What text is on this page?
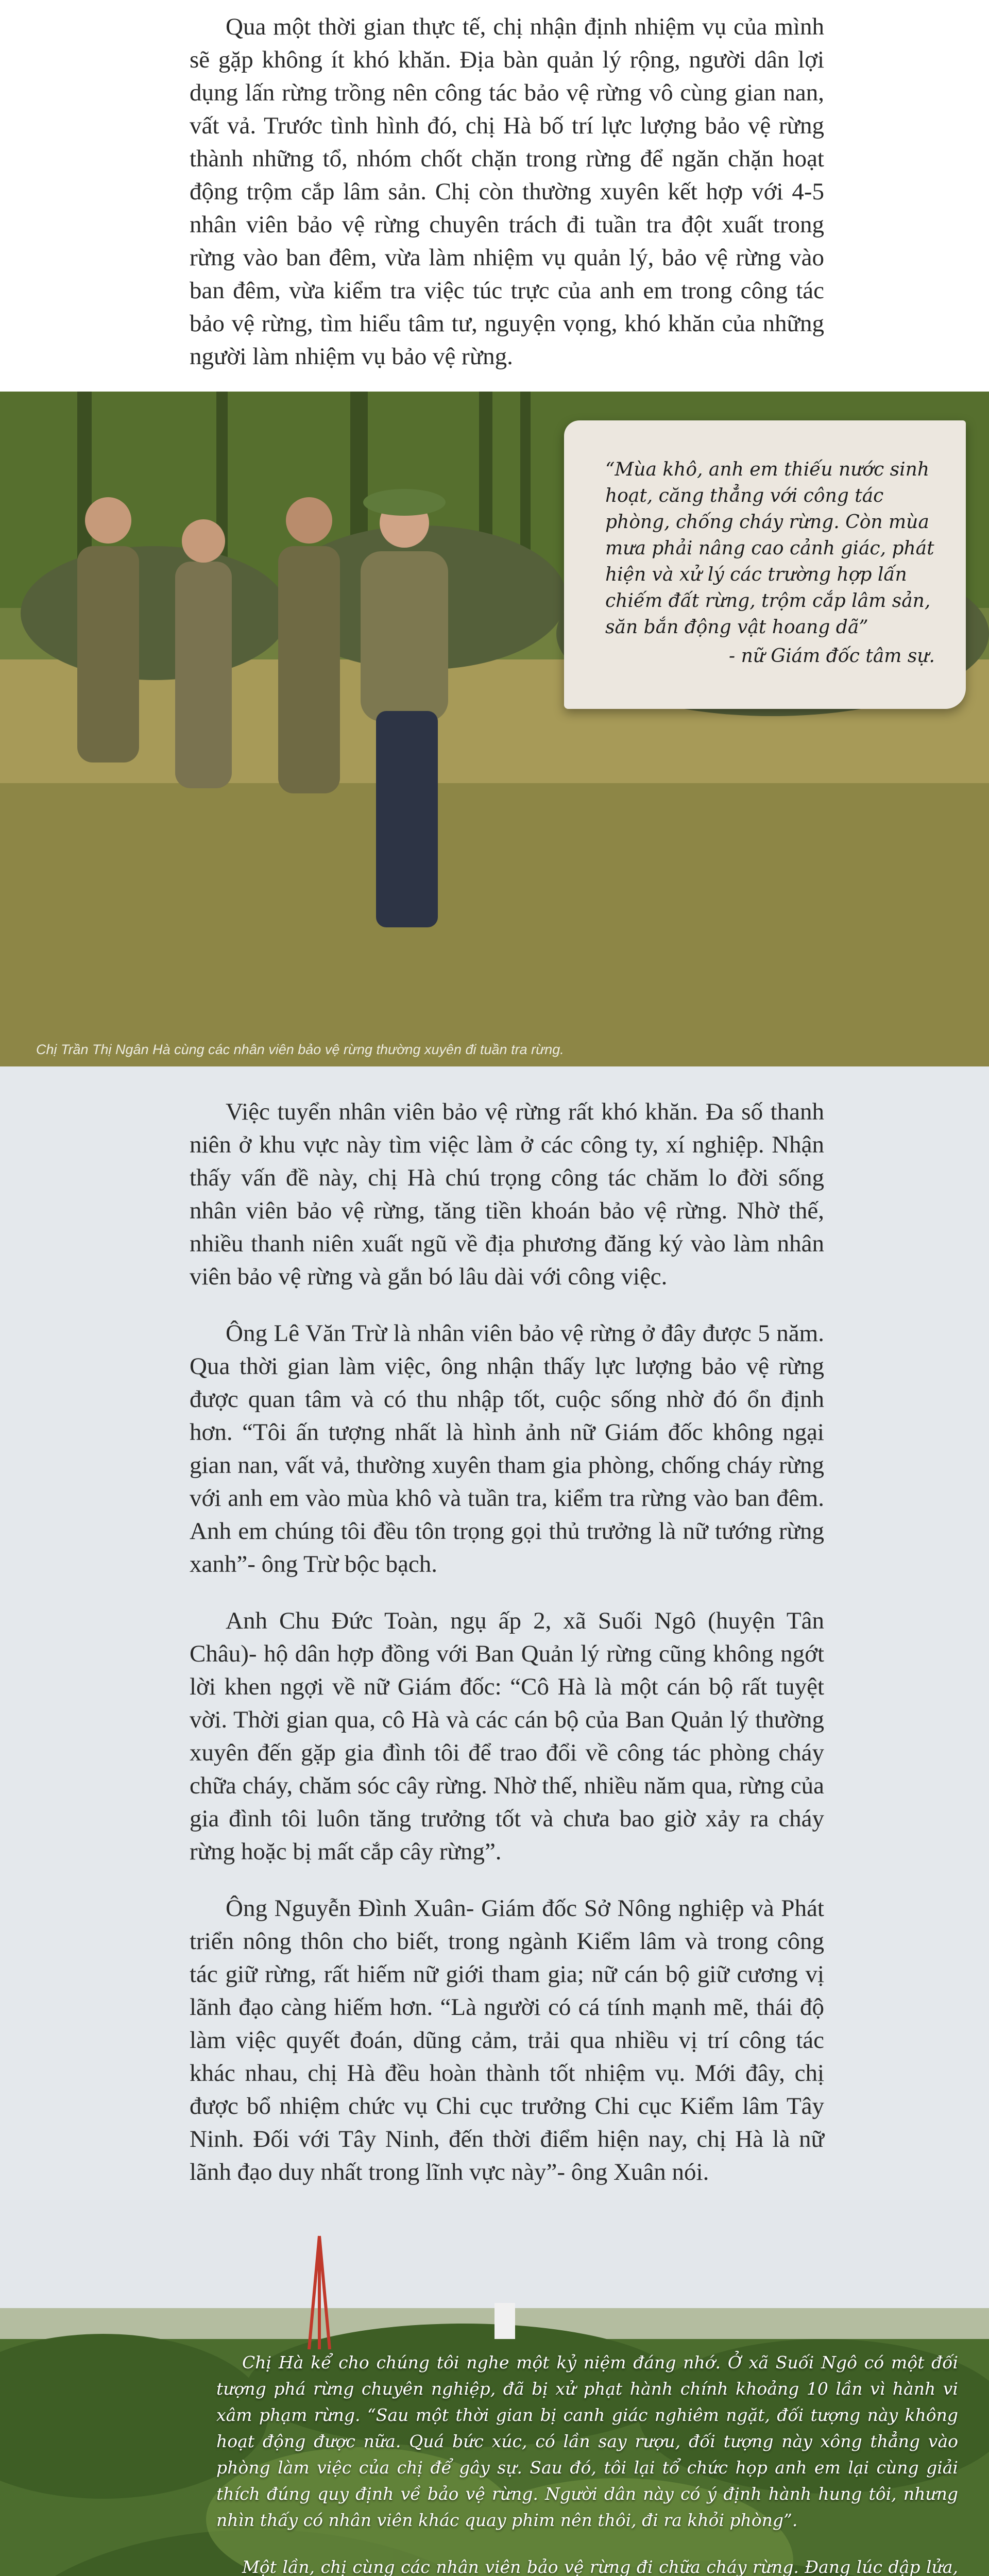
Qua một thời gian thực tế, chị nhận định nhiệm vụ của mình sẽ gặp không ít khó khăn. Địa bàn quản lý rộng, người dân lợi dụng lấn rừng trồng nên công tác bảo vệ rừng vô cùng gian nan, vất vả. Trước tình hình đó, chị Hà bố trí lực lượng bảo vệ rừng thành những tổ, nhóm chốt chặn trong rừng để ngăn chặn hoạt động trộm cắp lâm sản. Chị còn thường xuyên kết hợp với 4-5 nhân viên bảo vệ rừng chuyên trách đi tuần tra đột xuất trong rừng vào ban đêm, vừa làm nhiệm vụ quản lý, bảo vệ rừng vào ban đêm, vừa kiểm tra việc túc trực của anh em trong công tác bảo vệ rừng, tìm hiểu tâm tư, nguyện vọng, khó khăn của những người làm nhiệm vụ bảo vệ rừng.

“Mùa khô, anh em thiếu nước sinh hoạt, căng thẳng với công tác phòng, chống cháy rừng. Còn mùa mưa phải nâng cao cảnh giác, phát hiện và xử lý các trường hợp lấn chiếm đất rừng, trộm cắp lâm sản, săn bắn động vật hoang dã”

- nữ Giám đốc tâm sự.

Chị Trần Thị Ngân Hà cùng các nhân viên bảo vệ rừng thường xuyên đi tuần tra rừng.

Việc tuyển nhân viên bảo vệ rừng rất khó khăn. Đa số thanh niên ở khu vực này tìm việc làm ở các công ty, xí nghiệp. Nhận thấy vấn đề này, chị Hà chú trọng công tác chăm lo đời sống nhân viên bảo vệ rừng, tăng tiền khoán bảo vệ rừng. Nhờ thế, nhiều thanh niên xuất ngũ về địa phương đăng ký vào làm nhân viên bảo vệ rừng và gắn bó lâu dài với công việc.

Ông Lê Văn Trừ là nhân viên bảo vệ rừng ở đây được 5 năm. Qua thời gian làm việc, ông nhận thấy lực lượng bảo vệ rừng được quan tâm và có thu nhập tốt, cuộc sống nhờ đó ổn định hơn. “Tôi ấn tượng nhất là hình ảnh nữ Giám đốc không ngại gian nan, vất vả, thường xuyên tham gia phòng, chống cháy rừng với anh em vào mùa khô và tuần tra, kiểm tra rừng vào ban đêm. Anh em chúng tôi đều tôn trọng gọi thủ trưởng là nữ tướng rừng xanh”- ông Trừ bộc bạch.

Anh Chu Đức Toàn, ngụ ấp 2, xã Suối Ngô (huyện Tân Châu)- hộ dân hợp đồng với Ban Quản lý rừng cũng không ngớt lời khen ngợi về nữ Giám đốc: “Cô Hà là một cán bộ rất tuyệt vời. Thời gian qua, cô Hà và các cán bộ của Ban Quản lý thường xuyên đến gặp gia đình tôi để trao đổi về công tác phòng cháy chữa cháy, chăm sóc cây rừng. Nhờ thế, nhiều năm qua, rừng của gia đình tôi luôn tăng trưởng tốt và chưa bao giờ xảy ra cháy rừng hoặc bị mất cắp cây rừng”.

Ông Nguyễn Đình Xuân- Giám đốc Sở Nông nghiệp và Phát triển nông thôn cho biết, trong ngành Kiểm lâm và trong công tác giữ rừng, rất hiếm nữ giới tham gia; nữ cán bộ giữ cương vị lãnh đạo càng hiếm hơn. “Là người có cá tính mạnh mẽ, thái độ làm việc quyết đoán, dũng cảm, trải qua nhiều vị trí công tác khác nhau, chị Hà đều hoàn thành tốt nhiệm vụ. Mới đây, chị được bổ nhiệm chức vụ Chi cục trưởng Chi cục Kiểm lâm Tây Ninh. Đối với Tây Ninh, đến thời điểm hiện nay, chị Hà là nữ lãnh đạo duy nhất trong lĩnh vực này”- ông Xuân nói.

Chị Hà kể cho chúng tôi nghe một kỷ niệm đáng nhớ. Ở xã Suối Ngô có một đối tượng phá rừng chuyên nghiệp, đã bị xử phạt hành chính khoảng 10 lần vì hành vi xâm phạm rừng. “Sau một thời gian bị canh giác nghiêm ngặt, đối tượng này không hoạt động được nữa. Quá bức xúc, có lần say rượu, đối tượng này xông thẳng vào phòng làm việc của chị để gây sự. Sau đó, tôi lại tổ chức họp anh em lại cùng giải thích đúng quy định về bảo vệ rừng. Người dân này có ý định hành hung tôi, nhưng nhìn thấy có nhân viên khác quay phim nên thôi, đi ra khỏi phòng”.

Một lần, chị cùng các nhân viên bảo vệ rừng đi chữa cháy rừng. Đang lúc dập lửa,
